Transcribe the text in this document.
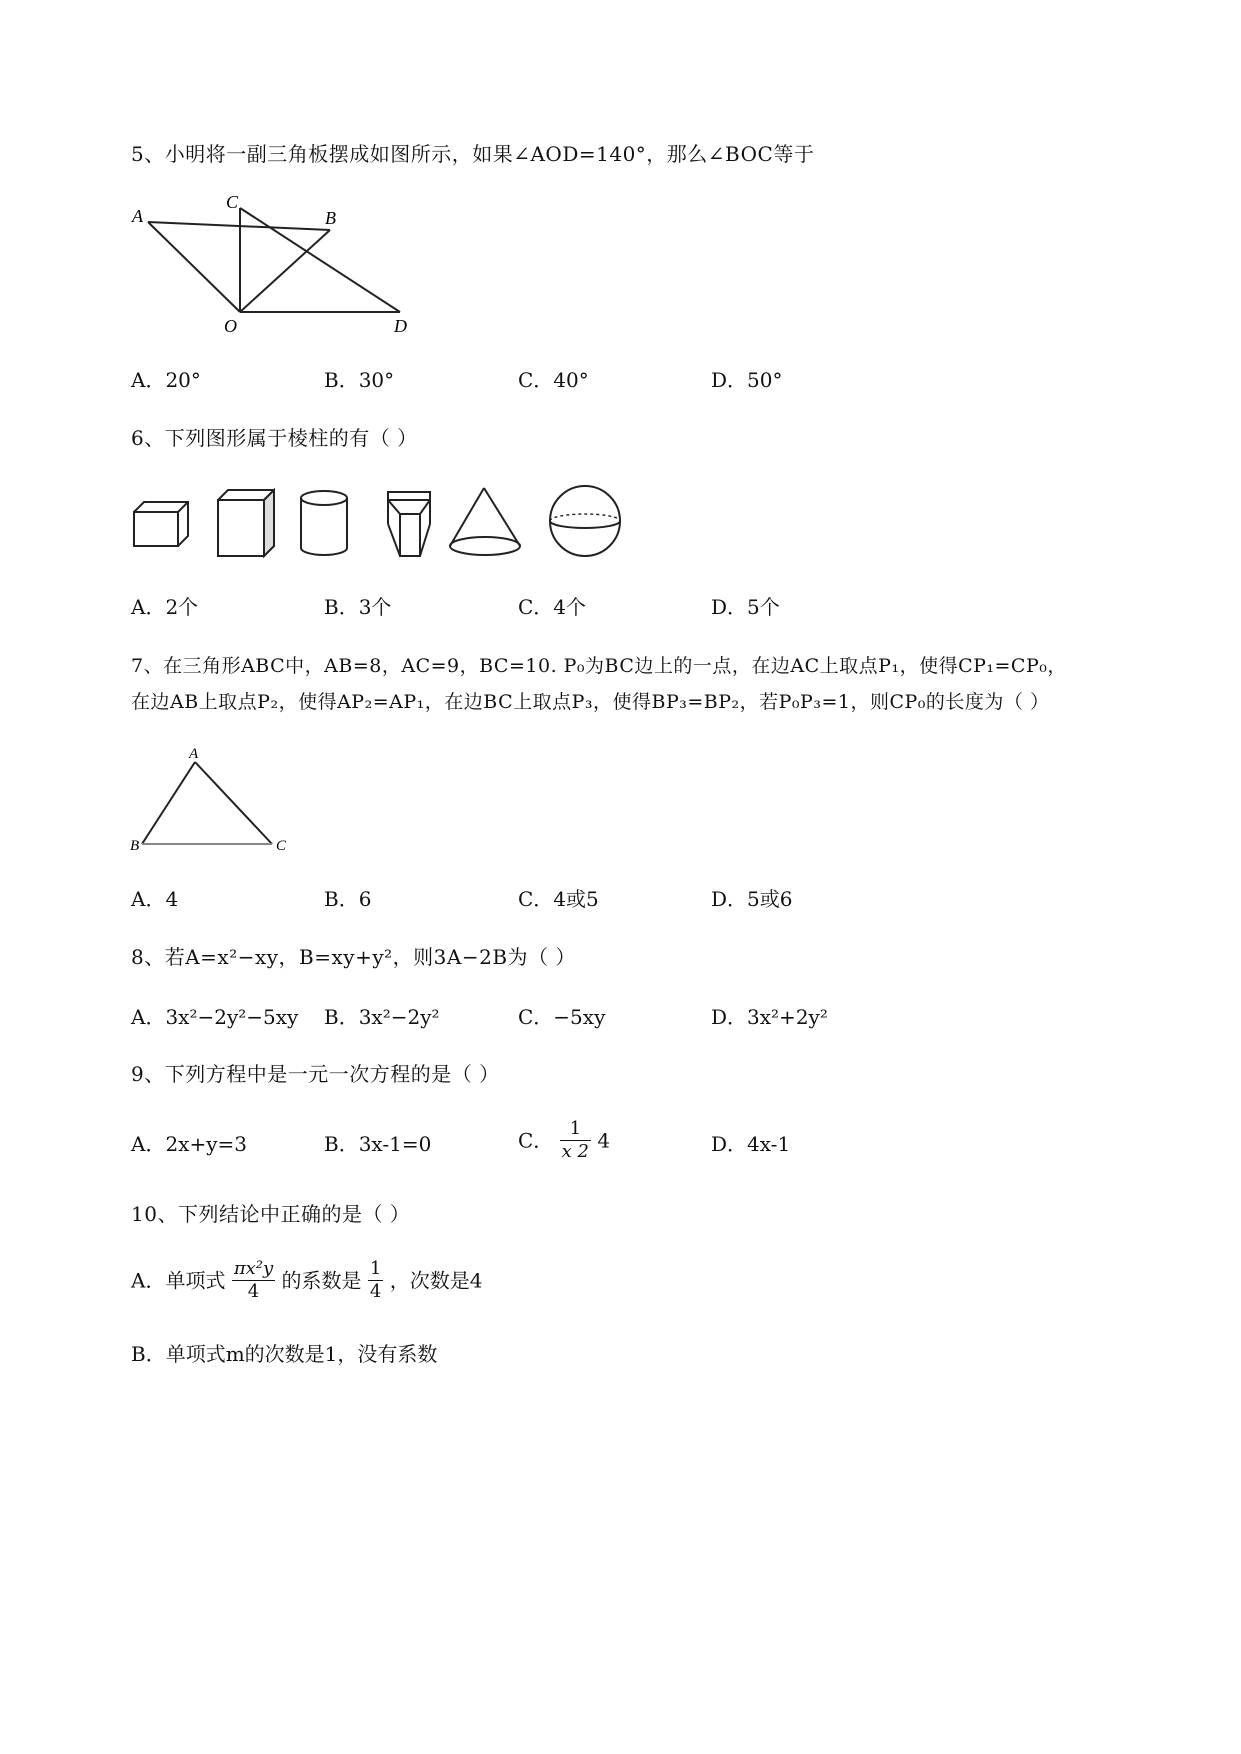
5、小明将一副三角板摆成如图所示，如果∠AOD=140°，那么∠BOC等于
A
C
B
O	D
A．20°	B．30°	C．40°	D．50°
6、下列图形属于棱柱的有（ ）
A．2个	B．3个	C．4个	D．5个
7、在三角形ABC中，AB=8，AC=9，BC=10. P₀为BC边上的一点，在边AC上取点P₁，使得CP₁=CP₀，
在边AB上取点P₂，使得AP₂=AP₁，在边BC上取点P₃，使得BP₃=BP₂，若P₀P₃=1，则CP₀的长度为（ ）
A
B	C
A．4	B．6	C．4或5	D．5或6
8、若A=x²−xy，B=xy+y²，则3A−2B为（ ）
A．3x²−2y²−5xy B．3x²−2y²	C．−5xy	D．3x²+2y²
9、下列方程中是一元一次方程的是（ ）
A．2x+y=3	B．3x-1=0	C． $\frac{1}{x 2} 4$	D．4x-1
10、下列结论中正确的是（ ）
A．单项式 $\frac{\text{πx²y}}{4}$ 的系数是 $\frac{1}{4}$ ，次数是4
B．单项式m的次数是1，没有系数
